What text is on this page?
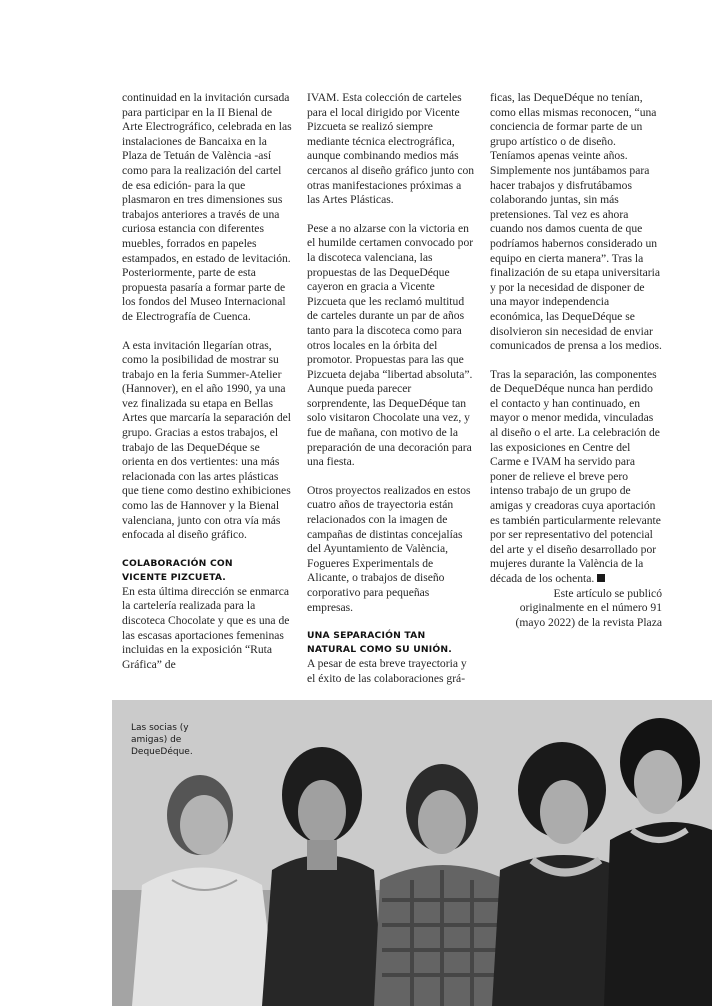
continuidad en la invitación cursada para participar en la II Bienal de Arte Electrográfico, celebrada en las instalaciones de Bancaixa en la Plaza de Tetuán de València -así como para la realización del cartel de esa edición- para la que plasmaron en tres dimensiones sus trabajos anteriores a través de una curiosa estancia con diferentes muebles, forrados en papeles estampados, en estado de levitación. Posteriormente, parte de esta propuesta pasaría a formar parte de los fondos del Museo Internacional de Electrografía de Cuenca.

A esta invitación llegarían otras, como la posibilidad de mostrar su trabajo en la feria Summer-Atelier (Hannover), en el año 1990, ya una vez finalizada su etapa en Bellas Artes que marcaría la separación del grupo. Gracias a estos trabajos, el trabajo de las DequeDéque se orienta en dos vertientes: una más relacionada con las artes plásticas que tiene como destino exhibiciones como las de Hannover y la Bienal valenciana, junto con otra vía más enfocada al diseño gráfico.

COLABORACIÓN CON
VICENTE PIZCUETA.
En esta última dirección se enmarca la cartelería realizada para la discoteca Chocolate y que es una de las escasas aportaciones femeninas incluidas en la exposición “Ruta Gráfica” de

IVAM. Esta colección de carteles para el local dirigido por Vicente Pizcueta se realizó siempre mediante técnica electrográfica, aunque combinando medios más cercanos al diseño gráfico junto con otras manifestaciones próximas a las Artes Plásticas.

Pese a no alzarse con la victoria en el humilde certamen convocado por la discoteca valenciana, las propuestas de las DequeDéque cayeron en gracia a Vicente Pizcueta que les reclamó multitud de carteles durante un par de años tanto para la discoteca como para otros locales en la órbita del promotor. Propuestas para las que Pizcueta dejaba “libertad absoluta”. Aunque pueda parecer sorprendente, las DequeDéque tan solo visitaron Chocolate una vez, y fue de mañana, con motivo de la preparación de una decoración para una fiesta.

Otros proyectos realizados en estos cuatro años de trayectoria están relacionados con la imagen de campañas de distintas concejalías del Ayuntamiento de València, Fogueres Experimentals de Alicante, o trabajos de diseño corporativo para pequeñas empresas.

UNA SEPARACIÓN TAN
NATURAL COMO SU UNIÓN.
A pesar de esta breve trayectoria y el éxito de las colaboraciones grá-

ficas, las DequeDéque no tenían, como ellas mismas reconocen, “una conciencia de formar parte de un grupo artístico o de diseño. Teníamos apenas veinte años. Simplemente nos juntábamos para hacer trabajos y disfrutábamos colaborando juntas, sin más pretensiones. Tal vez es ahora cuando nos damos cuenta de que podríamos habernos considerado un equipo en cierta manera”. Tras la finalización de su etapa universitaria y por la necesidad de disponer de una mayor independencia económica, las DequeDéque se disolvieron sin necesidad de enviar comunicados de prensa a los medios.

Tras la separación, las componentes de DequeDéque nunca han perdido el contacto y han continuado, en mayor o menor medida, vinculadas al diseño o el arte. La celebración de las exposiciones en Centre del Carme e IVAM ha servido para poner de relieve el breve pero intenso trabajo de un grupo de amigas y creadoras cuya aportación es también particularmente relevante por ser representativo del potencial del arte y el diseño desarrollado por mujeres durante la València de la década de los ochenta.

Este artículo se publicó originalmente en el número 91 (mayo 2022) de la revista Plaza

Las socias (y amigas) de DequeDéque.
